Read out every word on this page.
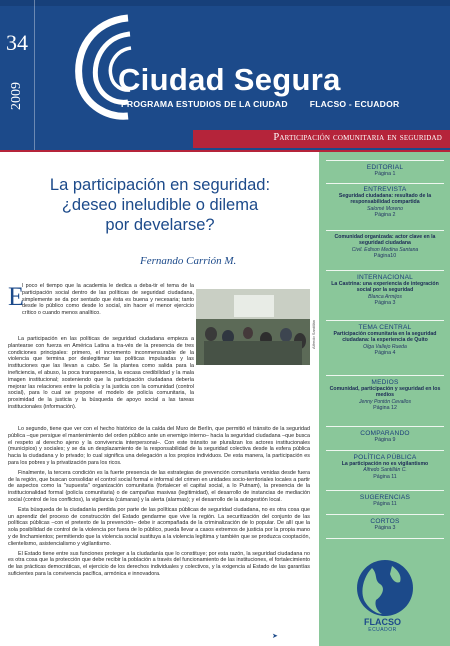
34
2009	Ciudad Segura
PROGRAMA ESTUDIOS DE LA CIUDAD	FLACSO - ECUADOR
Participación comunitaria en seguridad
La participación en seguridad:
¿deseo ineludible o dilema
por develarse?
Fernando Carrión M.
E
Alfredo Santillán

l poco el tiempo que la academia le dedica a deba-tir el tema de la participación social dentro de las políticas de seguridad ciudadana, simplemente se da por sentado que ésta es buena y necesaria; tanto desde lo público como desde lo social, sin hacer el menor ejercicio crítico o cuando menos analítico.

La participación en las políticas de seguridad ciudadana empieza a plantearse con fuerza en América Latina a tra-vés de la presencia de tres condiciones principales: primero, el incremento inconmensurable de la violencia que termina por deslegitimar las políticas impulsadas y las instituciones que las llevan a cabo. Se la plantea como salida para la ineficiencia, el abuso, la poca transparencia, la escasa credibilidad y la mala imagen institucional; sosteniendo que la participación ciudadana debería mejorar las relaciones entre la policía y la justicia con la comunidad (control social), para lo cual se propone el modelo de policía comunitaria, la proximidad de la justicia y la búsqueda de apoyo social a las tareas institucionales (información).

Lo segundo, tiene que ver con el hecho histórico de la caída del Muro de Berlín, que permitió el tránsito de la seguridad pública –que persigue el mantenimiento del orden público ante un enemigo interno– hacia la seguridad ciudadana –que busca el respeto al derecho ajeno y la convivencia interpersonal–. Con este tránsito se pluralizan los actores institucionales (municipios) y sociales; y se da un desplazamiento de la responsabilidad de la seguridad colectiva desde la esfera pública hacia la ciudadana y lo privado; lo cual significa una delegación a los propios individuos. De esta manera, la participación es para los pobres y la privatización para los ricos.

Finalmente, la tercera condición es la fuerte presencia de las estrategias de prevención comunitaria venidas desde fuera de la región, que buscan consolidar el control social formal e informal del crimen en unidades socio-territoriales locales a partir de aspectos como la "supuesta" organización comunitaria (fortalecer el capital social, a lo Putnam), la presencia de la institucionalidad formal (policía comunitaria) o de campañas masivas (legitimidad), el desarrollo de instancias de mediación social (control de los conflictos), la vigilancia (cámaras) y la alerta (alarmas); y el desarrollo de la autogestión local.

Esta búsqueda de la ciudadanía perdida por parte de las políticas públicas de seguridad ciudadana, no es otra cosa que un aprendiz del proceso de construcción del Estado gendarme que vive la región. La securitización del conjunto de las políticas públicas –con el pretexto de la prevención– debe ir acompañada de la criminalización de lo popular. De allí que la sola posibilidad de control de la violencia por fuera de lo público, pueda llevar a casos extremos de justicia por la propia mano y de linchamientos; permitiendo que la violencia social sustituya a la violencia legítima y también que se produzca cooptación, clientelismo, asistencialismo y vigilantismo.

El Estado tiene entre sus funciones proteger a la ciudadanía que lo constituye; por esta razón, la seguridad ciudadana no es otra cosa que la protección que debe recibir la población a través del funcionamiento de las instituciones, el fortalecimiento de las prácticas democráticas, el ejercicio de los derechos individuales y colectivos, y la exigencia al Estado de las garantías suficientes para la convivencia pacífica, armónica e innovadora.

➤
EDITORIAL
Página 1
ENTREVISTA
Seguridad ciudadana: resultado de la responsabilidad compartida
Salomé Moreno
Página 2
Comunidad organizada: actor clave en la seguridad ciudadana
Civil. Edison Medina Santana
Página10
INTERNACIONAL
La Castrina: una experiencia de integración social por la seguridad
Blanca Armijos
Página 3
TEMA CENTRAL
Participación comunitaria en la seguridad ciudadana: la experiencia de Quito
Olga Vallejo Rueda
Página 4
MEDIOS
Comunidad, participación y seguridad en los medios
Jenny Pontón Cevallos
Página 12
COMPARANDO
Página 9
POLÍTICA PÚBLICA
La participación no es vigilantismo
Alfredo Santillán C.
Página 11
SUGERENCIAS
Página 11
CORTOS
Página 3
FLACSO
ECUADOR
